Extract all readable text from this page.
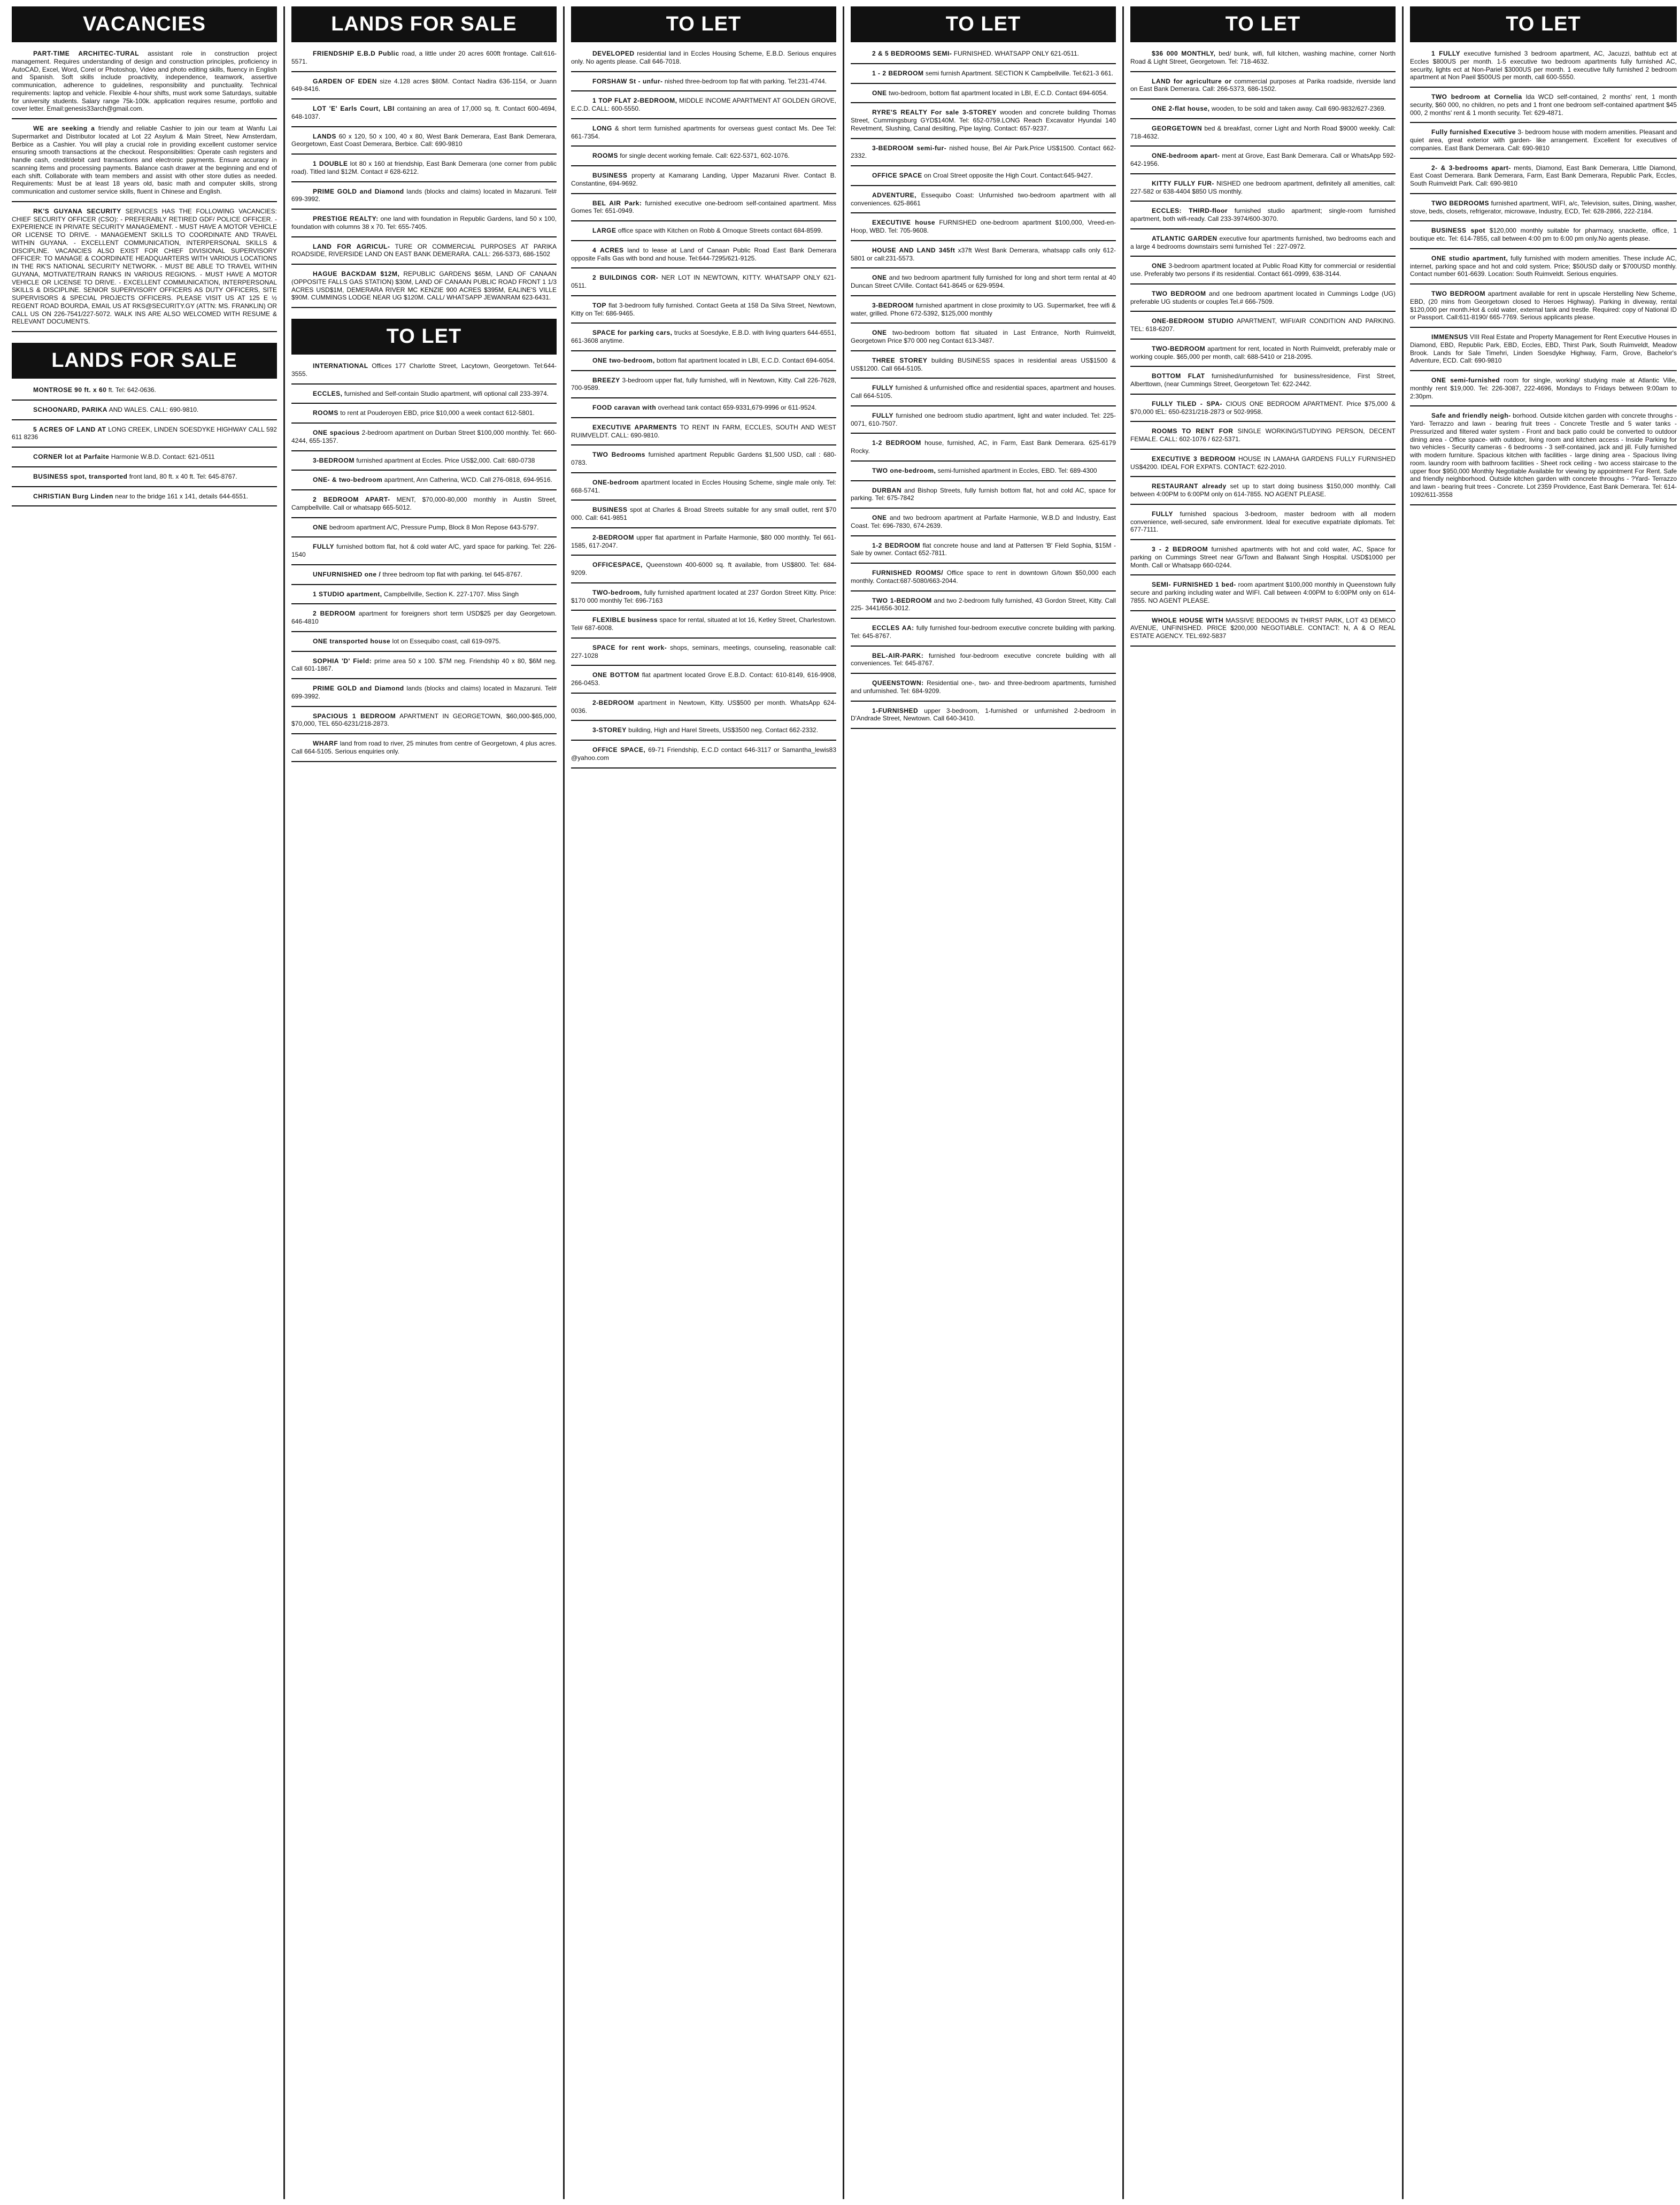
VACANCIES
PART-TIME ARCHITEC-TURAL assistant role in construction project management. Requires understanding of design and construction principles, proficiency in AutoCAD, Excel, Word, Corel or Photoshop, Video and photo editing skills, fluency in English and Spanish. Soft skills include proactivity, independence, teamwork, assertive communication, adherence to guidelines, responsibility and punctuality. Technical requirements: laptop and vehicle. Flexible 4-hour shifts, must work some Saturdays, suitable for university students. Salary range 75k-100k. application requires resume, portfolio and cover letter. Email:genesis33arch@gmail.com.
WE are seeking a friendly and reliable Cashier to join our team at Wanfu Lai Supermarket and Distributor located at Lot 22 Asylum & Main Street, New Amsterdam, Berbice as a Cashier. You will play a crucial role in providing excellent customer service ensuring smooth transactions at the checkout. Responsibilities: Operate cash registers and handle cash, credit/debit card transactions and electronic payments. Ensure accuracy in scanning items and processing payments. Balance cash drawer at the beginning and end of each shift. Collaborate with team members and assist with other store duties as needed. Requirements: Must be at least 18 years old, basic math and computer skills, strong communication and customer service skills, fluent in Chinese and English.
RK'S GUYANA SECURITY SERVICES HAS THE FOLLOWING VACANCIES: CHIEF SECURITY OFFICER (CSO): - PREFERABLY RETIRED GDF/ POLICE OFFICER. - EXPERIENCE IN PRIVATE SECURITY MANAGEMENT. - MUST HAVE A MOTOR VEHICLE OR LICENSE TO DRIVE. - MANAGEMENT SKILLS TO COORDINATE AND TRAVEL WITHIN GUYANA. - EXCELLENT COMMUNICATION, INTERPERSONAL SKILLS & DISCIPLINE. VACANCIES ALSO EXIST FOR CHIEF DIVISIONAL SUPERVISORY OFFICER: TO MANAGE & COORDINATE HEADQUARTERS WITH VARIOUS LOCATIONS IN THE RK'S NATIONAL SECURITY NETWORK. - MUST BE ABLE TO TRAVEL WITHIN GUYANA, MOTIVATE/TRAIN RANKS IN VARIOUS REGIONS. - MUST HAVE A MOTOR VEHICLE OR LICENSE TO DRIVE. - EXCELLENT COMMUNICATION, INTERPERSONAL SKILLS & DISCIPLINE. SENIOR SUPERVISORY OFFICERS AS DUTY OFFICERS, SITE SUPERVISORS & SPECIAL PROJECTS OFFICERS. PLEASE VISIT US AT 125 E ½ REGENT ROAD BOURDA, EMAIL US AT RKS@SECURITY.GY (ATTN: MS. FRANKLIN) OR CALL US ON 226-7541/227-5072. WALK INS ARE ALSO WELCOMED WITH RESUME & RELEVANT DOCUMENTS.
LANDS FOR SALE
MONTROSE 90 ft. x 60 ft. Tel: 642-0636.
SCHOONARD, PARIKA AND WALES. CALL: 690-9810.
5 ACRES OF LAND AT LONG CREEK, LINDEN SOESDYKE HIGHWAY CALL 592 611 8236
CORNER lot at Parfaite Harmonie W.B.D. Contact: 621-0511
BUSINESS spot, transported front land, 80 ft. x 40 ft. Tel: 645-8767.
CHRISTIAN Burg Linden near to the bridge 161 x 141, details 644-6551.
LANDS FOR SALE
FRIENDSHIP E.B.D Public road, a little under 20 acres 600ft frontage. Call:616-5571.
GARDEN OF EDEN size 4.128 acres $80M. Contact Nadira 636-1154, or Juann 649-8416.
LOT 'E' Earls Court, LBI containing an area of 17,000 sq. ft. Contact 600-4694, 648-1037.
LANDS 60 x 120, 50 x 100, 40 x 80, West Bank Demerara, East Bank Demerara, Georgetown, East Coast Demerara, Berbice. Call: 690-9810
1 DOUBLE lot 80 x 160 at friendship, East Bank Demerara (one corner from public road). Titled land $12M. Contact # 628-6212.
PRIME GOLD and Diamond lands (blocks and claims) located in Mazaruni. Tel# 699-3992.
PRESTIGE REALTY: one land with foundation in Republic Gardens, land 50 x 100, foundation with columns 38 x 70. Tel: 655-7405.
LAND FOR AGRICUL- TURE OR COMMERCIAL PURPOSES AT PARIKA ROADSIDE, RIVERSIDE LAND ON EAST BANK DEMERARA. CALL: 266-5373, 686-1502
HAGUE BACKDAM $12M, REPUBLIC GARDENS $65M, LAND OF CANAAN (OPPOSITE FALLS GAS STATION) $30M, LAND OF CANAAN PUBLIC ROAD FRONT 1 1/3 ACRES USD$1M, DEMERARA RIVER MC KENZIE 900 ACRES $395M, EALINE'S VILLE $90M. CUMMINGS LODGE NEAR UG $120M. CALL/ WHATSAPP JEWANRAM 623-6431.
TO LET
INTERNATIONAL Offices 177 Charlotte Street, Lacytown, Georgetown. Tel:644-3555.
ECCLES, furnished and Self-contain Studio apartment, wifi optional call 233-3974.
ROOMS to rent at Pouderoyen EBD, price $10,000 a week contact 612-5801.
ONE spacious 2-bedroom apartment on Durban Street $100,000 monthly. Tel: 660-4244, 655-1357.
3-BEDROOM furnished apartment at Eccles. Price US$2,000. Call: 680-0738
ONE- & two-bedroom apartment, Ann Catherina, WCD. Call 276-0818, 694-9516.
2 BEDROOM APART- MENT, $70,000-80,000 monthly in Austin Street, Campbellville. Call or whatsapp 665-5012.
ONE bedroom apartment A/C, Pressure Pump, Block 8 Mon Repose 643-5797.
FULLY furnished bottom flat, hot & cold water A/C, yard space for parking. Tel: 226-1540
UNFURNISHED one / three bedroom top flat with parking. tel 645-8767.
1 STUDIO apartment, Campbellville, Section K. 227-1707. Miss Singh
2 BEDROOM apartment for foreigners short term USD$25 per day Georgetown. 646-4810
ONE transported house lot on Essequibo coast, call 619-0975.
SOPHIA 'D' Field: prime area 50 x 100. $7M neg. Friendship 40 x 80, $6M neg. Call 601-1867.
PRIME GOLD and Diamond lands (blocks and claims) located in Mazaruni. Tel# 699-3992.
SPACIOUS 1 BEDROOM APARTMENT IN GEORGETOWN, $60,000-$65,000, $70,000, TEL 650-6231/218-2873.
WHARF land from road to river, 25 minutes from centre of Georgetown, 4 plus acres. Call 664-5105. Serious enquiries only.
TO LET
DEVELOPED residential land in Eccles Housing Scheme, E.B.D. Serious enquires only. No agents please. Call 646-7018.
FORSHAW St - unfur- nished three-bedroom top flat with parking. Tel:231-4744.
1 TOP FLAT 2-BEDROOM, MIDDLE INCOME APARTMENT AT GOLDEN GROVE, E.C.D. CALL: 600-5550.
LONG & short term furnished apartments for overseas guest contact Ms. Dee Tel: 661-7354.
ROOMS for single decent working female. Call: 622-5371, 602-1076.
BUSINESS property at Kamarang Landing, Upper Mazaruni River. Contact B. Constantine, 694-9692.
BEL AIR Park: furnished executive one-bedroom self-contained apartment. Miss Gomes Tel: 651-0949.
LARGE office space with Kitchen on Robb & Ornoque Streets contact 684-8599.
4 ACRES land to lease at Land of Canaan Public Road East Bank Demerara opposite Falls Gas with bond and house. Tel:644-7295/621-9125.
2 BUILDINGS COR- NER LOT IN NEWTOWN, KITTY. WHATSAPP ONLY 621-0511.
TOP flat 3-bedroom fully furnished. Contact Geeta at 158 Da Silva Street, Newtown, Kitty on Tel: 686-9465.
SPACE for parking cars, trucks at Soesdyke, E.B.D. with living quarters 644-6551, 661-3608 anytime.
ONE two-bedroom, bottom flat apartment located in LBI, E.C.D. Contact 694-6054.
BREEZY 3-bedroom upper flat, fully furnished, wifi in Newtown, Kitty. Call 226-7628, 700-9589.
FOOD caravan with overhead tank contact 659-9331,679-9996 or 611-9524.
EXECUTIVE APARMENTS TO RENT IN FARM, ECCLES, SOUTH AND WEST RUIMVELDT. CALL: 690-9810.
TWO Bedrooms furnished apartment Republic Gardens $1,500 USD, call : 680-0783.
ONE-bedroom apartment located in Eccles Housing Scheme, single male only. Tel: 668-5741.
BUSINESS spot at Charles & Broad Streets suitable for any small outlet, rent $70 000. Call: 641-9851
2-BEDROOM upper flat apartment in Parfaite Harmonie, $80 000 monthly. Tel 661-1585, 617-2047.
OFFICESPACE, Queenstown 400-6000 sq. ft available, from US$800. Tel: 684-9209.
TWO-bedroom, fully furnished apartment located at 237 Gordon Street Kitty. Price: $170 000 monthly Tel: 696-7163
FLEXIBLE business space for rental, situated at lot 16, Ketley Street, Charlestown. Tel# 687-6008.
SPACE for rent work- shops, seminars, meetings, counseling, reasonable call: 227-1028
ONE BOTTOM flat apartment located Grove E.B.D. Contact: 610-8149, 616-9908, 266-0453.
2-BEDROOM apartment in Newtown, Kitty. US$500 per month. WhatsApp 624-0036.
3-STOREY building, High and Harel Streets, US$3500 neg. Contact 662-2332.
OFFICE SPACE, 69-71 Friendship, E.C.D contact 646-3117 or Samantha_lewis83 @yahoo.com
TO LET
2 & 5 BEDROOMS SEMI- FURNISHED. WHATSAPP ONLY 621-0511.
1 - 2 BEDROOM semi furnish Apartment. SECTION K Campbellville. Tel:621-3 661.
ONE two-bedroom, bottom flat apartment located in LBI, E.C.D. Contact 694-6054.
RYRE'S REALTY For sale 3-STOREY wooden and concrete building Thomas Street, Cummingsburg GYD$140M. Tel: 652-0759.LONG Reach Excavator Hyundai 140 Revetment, Slushing, Canal desilting, Pipe laying. Contact: 657-9237.
3-BEDROOM semi-fur- nished house, Bel Air Park.Price US$1500. Contact 662-2332.
OFFICE SPACE on Croal Street opposite the High Court. Contact:645-9427.
ADVENTURE, Essequibo Coast: Unfurnished two-bedroom apartment with all conveniences. 625-8661
EXECUTIVE house FURNISHED one-bedroom apartment $100,000, Vreed-en-Hoop, WBD. Tel: 705-9608.
HOUSE AND LAND 345ft x37ft West Bank Demerara, whatsapp calls only 612-5801 or call:231-5573.
ONE and two bedroom apartment fully furnished for long and short term rental at 40 Duncan Street C/Ville. Contact 641-8645 or 629-9594.
3-BEDROOM furnished apartment in close proximity to UG. Supermarket, free wifi & water, grilled. Phone 672-5392, $125,000 monthly
ONE two-bedroom bottom flat situated in Last Entrance, North Ruimveldt, Georgetown Price $70 000 neg Contact 613-3487.
THREE STOREY building BUSINESS spaces in residential areas US$1500 & US$1200. Call 664-5105.
FULLY furnished & unfurnished office and residential spaces, apartment and houses. Call 664-5105.
FULLY furnished one bedroom studio apartment, light and water included. Tel: 225-0071, 610-7507.
1-2 BEDROOM house, furnished, AC, in Farm, East Bank Demerara. 625-6179 Rocky.
TWO one-bedroom, semi-furnished apartment in Eccles, EBD. Tel: 689-4300
DURBAN and Bishop Streets, fully furnish bottom flat, hot and cold AC, space for parking. Tel: 675-7842
ONE and two bedroom apartment at Parfaite Harmonie, W.B.D and Industry, East Coast. Tel: 696-7830, 674-2639.
1-2 BEDROOM flat concrete house and land at Pattersen 'B' Field Sophia, $15M - Sale by owner. Contact 652-7811.
FURNISHED ROOMS/ Office space to rent in downtown G/town $50,000 each monthly. Contact:687-5080/663-2044.
TWO 1-BEDROOM and two 2-bedroom fully furnished, 43 Gordon Street, Kitty. Call 225- 3441/656-3012.
ECCLES AA: fully furnished four-bedroom executive concrete building with parking. Tel: 645-8767.
BEL-AIR-PARK: furnished four-bedroom executive concrete building with all conveniences. Tel: 645-8767.
QUEENSTOWN: Residential one-, two- and three-bedroom apartments, furnished and unfurnished. Tel: 684-9209.
1-FURNISHED upper 3-bedroom, 1-furnished or unfurnished 2-bedroom in D'Andrade Street, Newtown. Call 640-3410.
TO LET
$36 000 MONTHLY, bed/ bunk, wifi, full kitchen, washing machine, corner North Road & Light Street, Georgetown. Tel: 718-4632.
LAND for agriculture or commercial purposes at Parika roadside, riverside land on East Bank Demerara. Call: 266-5373, 686-1502.
ONE 2-flat house, wooden, to be sold and taken away. Call 690-9832/627-2369.
GEORGETOWN bed & breakfast, corner Light and North Road $9000 weekly. Call: 718-4632.
ONE-bedroom apart- ment at Grove, East Bank Demerara. Call or WhatsApp 592-642-1956.
KITTY FULLY FUR- NISHED one bedroom apartment, definitely all amenities, call: 227-582 or 638-4404 $850 US monthly.
ECCLES: THIRD-floor furnished studio apartment; single-room furnished apartment, both wifi-ready. Call 233-3974/600-3070.
ATLANTIC GARDEN executive four apartments furnished, two bedrooms each and a large 4 bedrooms downstairs semi furnished Tel : 227-0972.
ONE 3-bedroom apartment located at Public Road Kitty for commercial or residential use. Preferably two persons if its residential. Contact 661-0999, 638-3144.
TWO BEDROOM and one bedroom apartment located in Cummings Lodge (UG) preferable UG students or couples Tel.# 666-7509.
ONE-BEDROOM STUDIO APARTMENT, WIFI/AIR CONDITION AND PARKING. TEL: 618-6207.
TWO-BEDROOM apartment for rent, located in North Ruimveldt, preferably male or working couple. $65,000 per month, call: 688-5410 or 218-2095.
BOTTOM FLAT furnished/unfurnished for business/residence, First Street, Alberttown, (near Cummings Street, Georgetown Tel: 622-2442.
FULLY TILED - SPA- CIOUS ONE BEDROOM APARTMENT. Price $75,000 & $70,000 tEL: 650-6231/218-2873 or 502-9958.
ROOMS TO RENT FOR SINGLE WORKING/STUDYING PERSON, DECENT FEMALE. CALL: 602-1076 / 622-5371.
EXECUTIVE 3 BEDROOM HOUSE IN LAMAHA GARDENS FULLY FURNISHED US$4200. IDEAL FOR EXPATS. CONTACT: 622-2010.
RESTAURANT already set up to start doing business $150,000 monthly. Call between 4:00PM to 6:00PM only on 614-7855. NO AGENT PLEASE.
FULLY furnished spacious 3-bedroom, master bedroom with all modern convenience, well-secured, safe environment. Ideal for executive expatriate diplomats. Tel: 677-7111.
3 - 2 BEDROOM furnished apartments with hot and cold water, AC, Space for parking on Cummings Street near G/Town and Balwant Singh Hospital. USD$1000 per Month. Call or Whatsapp 660-0244.
SEMI- FURNISHED 1 bed- room apartment $100,000 monthly in Queenstown fully secure and parking including water and WIFI. Call between 4:00PM to 6:00PM only on 614-7855. NO AGENT PLEASE.
WHOLE HOUSE WITH MASSIVE BEDOOMS IN THIRST PARK, LOT 43 DEMICO AVENUE, UNFINISHED. PRICE $200,000 NEGOTIABLE. CONTACT: N, A & O REAL ESTATE AGENCY. TEL:692-5837
TO LET
1 FULLY executive furnished 3 bedroom apartment, AC, Jacuzzi, bathtub ect at Eccles $800US per month. 1-5 executive two bedroom apartments fully furnished AC, security, lights ect at Non-Pariel $3000US per month. 1 executive fully furnished 2 bedroom apartment at Non Paeil $500US per month, call 600-5550.
TWO bedroom at Cornelia Ida WCD self-contained, 2 months' rent, 1 month security, $60 000, no children, no pets and 1 front one bedroom self-contained apartment $45 000, 2 months' rent & 1 month security. Tel: 629-4871.
Fully furnished Executive 3- bedroom house with modern amenities. Pleasant and quiet area, great exterior with garden- like arrangement. Excellent for executives of companies. East Bank Demerara. Call: 690-9810
2- & 3-bedrooms apart- ments, Diamond, East Bank Demerara, Little Diamond, East Coast Demerara. Bank Demerara, Farm, East Bank Demerara, Republic Park, Eccles, South Ruimveldt Park. Call: 690-9810
TWO BEDROOMS furnished apartment, WIFI, a/c, Television, suites, Dining, washer, stove, beds, closets, refrigerator, microwave, Industry, ECD, Tel: 628-2866, 222-2184.
BUSINESS spot $120,000 monthly suitable for pharmacy, snackette, office, 1 boutique etc. Tel: 614-7855, call between 4:00 pm to 6:00 pm only.No agents please.
ONE studio apartment, fully furnished with modern amenities. These include AC, internet, parking space and hot and cold system. Price; $50USD daily or $700USD monthly. Contact number 601-6639. Location: South Ruimveldt. Serious enquiries.
TWO BEDROOM apartment available for rent in upscale Herstelling New Scheme, EBD, (20 mins from Georgetown closed to Heroes Highway). Parking in diveway, rental $120,000 per month.Hot & cold water, external tank and trestle. Required: copy of National ID or Passport. Call:611-8190/ 665-7769. Serious applicants please.
IMMENSUS VIII Real Estate and Property Management for Rent Executive Houses in Diamond, EBD, Republic Park, EBD, Eccles, EBD, Thirst Park, South Ruimveldt, Meadow Brook. Lands for Sale Timehri, Linden Soesdyke Highway, Farm, Grove, Bachelor's Adventure, ECD. Call: 690-9810
ONE semi-furnished room for single, working/ studying male at Atlantic Ville, monthly rent $19,000. Tel: 226-3087, 222-4696, Mondays to Fridays between 9:00am to 2:30pm.
Safe and friendly neigh- borhood. Outside kitchen garden with concrete throughs - Yard- Terrazzo and lawn - bearing fruit trees - Concrete Trestle and 5 water tanks - Pressurized and filtered water system - Front and back patio could be converted to outdoor dining area - Office space- with outdoor, living room and kitchen access - Inside Parking for two vehicles - Security cameras - 6 bedrooms - 3 self-contained, jack and jill. Fully furnished with modern furniture. Spacious kitchen with facilities - large dining area - Spacious living room. laundry room with bathroom facilities - Sheet rock ceiling - two access staircase to the upper floor $950,000 Monthly Negotiable Available for viewing by appointment For Rent. Safe and friendly neighborhood. Outside kitchen garden with concrete throughs - ?Yard- Terrazzo and lawn - bearing fruit trees - Concrete. Lot 2359 Providence, East Bank Demerara. Tel: 614-1092/611-3558
